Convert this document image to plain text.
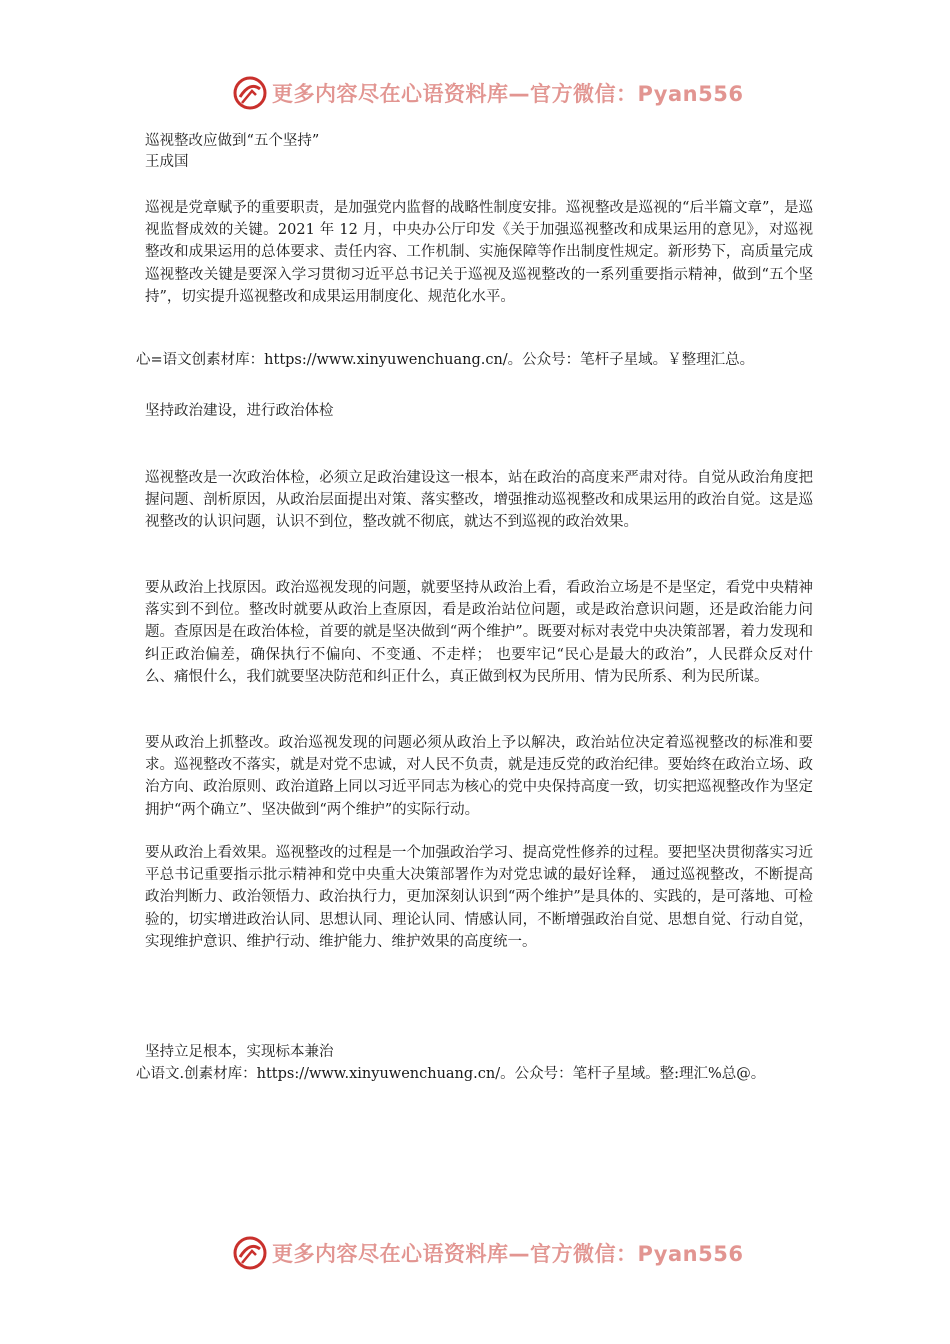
更多内容尽在心语资料库—官方微信：Pyan556
巡视整改应做到“五个坚持”
王成国
巡视是党章赋予的重要职责，是加强党内监督的战略性制度安排。巡视整改是巡视的“后半篇文章”，是巡视监督成效的关键。2021 年 12 月，中央办公厅印发《关于加强巡视整改和成果运用的意见》，对巡视整改和成果运用的总体要求、责任内容、工作机制、实施保障等作出制度性规定。新形势下，高质量完成巡视整改关键是要深入学习贯彻习近平总书记关于巡视及巡视整改的一系列重要指示精神，做到“五个坚持”，切实提升巡视整改和成果运用制度化、规范化水平。
心=语文创素材库：https://www.xinyuwenchuang.cn/。公众号：笔杆子星域。￥整理汇总。
坚持政治建设，进行政治体检
巡视整改是一次政治体检，必须立足政治建设这一根本，站在政治的高度来严肃对待。自觉从政治角度把握问题、剖析原因，从政治层面提出对策、落实整改，增强推动巡视整改和成果运用的政治自觉。这是巡视整改的认识问题，认识不到位，整改就不彻底，就达不到巡视的政治效果。
要从政治上找原因。政治巡视发现的问题，就要坚持从政治上看，看政治立场是不是坚定，看党中央精神落实到不到位。整改时就要从政治上查原因，看是政治站位问题，或是政治意识问题，还是政治能力问题。查原因是在政治体检，首要的就是坚决做到“两个维护”。既要对标对表党中央决策部署，着力发现和纠正政治偏差，确保执行不偏向、不变通、不走样； 也要牢记“民心是最大的政治”，人民群众反对什么、痛恨什么，我们就要坚决防范和纠正什么，真正做到权为民所用、情为民所系、利为民所谋。
要从政治上抓整改。政治巡视发现的问题必须从政治上予以解决，政治站位决定着巡视整改的标准和要求。巡视整改不落实，就是对党不忠诚，对人民不负责，就是违反党的政治纪律。要始终在政治立场、政治方向、政治原则、政治道路上同以习近平同志为核心的党中央保持高度一致，切实把巡视整改作为坚定拥护“两个确立”、坚决做到“两个维护”的实际行动。
要从政治上看效果。巡视整改的过程是一个加强政治学习、提高党性修养的过程。要把坚决贯彻落实习近平总书记重要指示批示精神和党中央重大决策部署作为对党忠诚的最好诠释， 通过巡视整改，不断提高政治判断力、政治领悟力、政治执行力，更加深刻认识到“两个维护”是具体的、实践的，是可落地、可检验的，切实增进政治认同、思想认同、理论认同、情感认同，不断增强政治自觉、思想自觉、行动自觉，实现维护意识、维护行动、维护能力、维护效果的高度统一。
坚持立足根本，实现标本兼治
心语文.创素材库：https://www.xinyuwenchuang.cn/。公众号：笔杆子星域。整:理汇%总@。
更多内容尽在心语资料库—官方微信：Pyan556
